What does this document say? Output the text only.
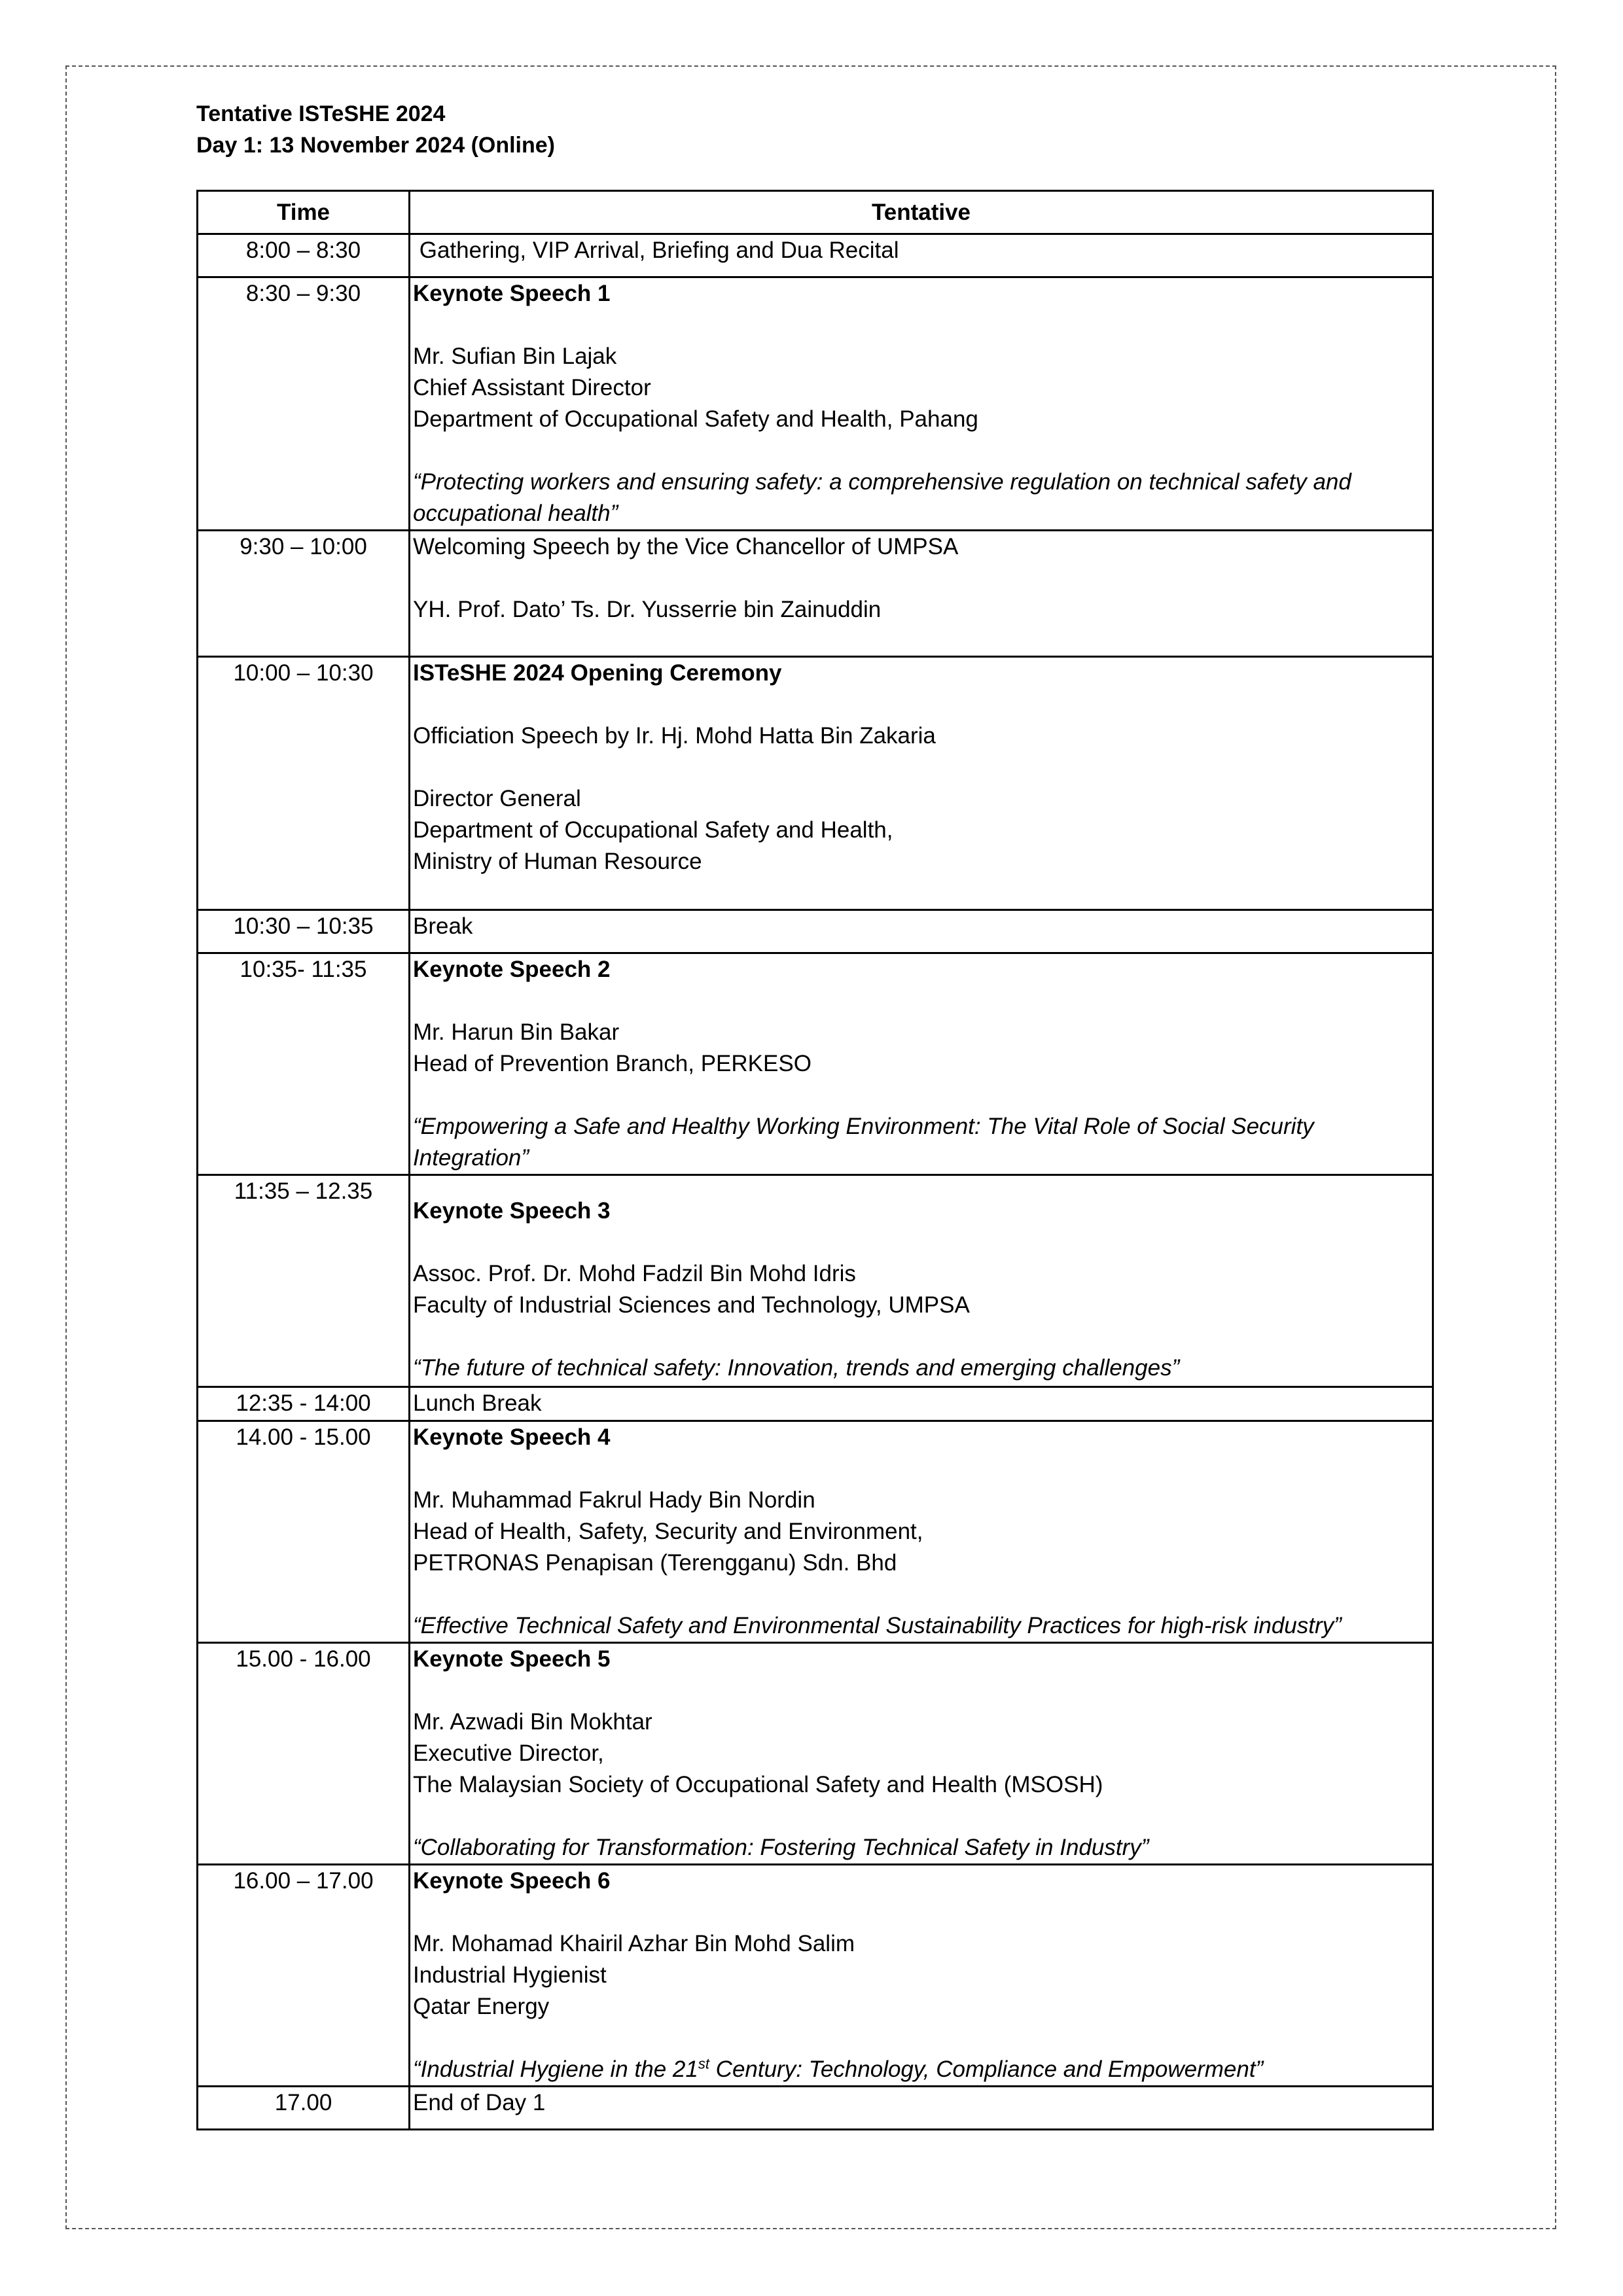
Tentative ISTeSHE 2024
Day 1: 13 November 2024 (Online)
Time	Tentative
8:00 – 8:30	Gathering, VIP Arrival, Briefing and Dua Recital

8:30 – 9:30	Keynote Speech 1
Mr. Sufian Bin Lajak
Chief Assistant Director
Department of Occupational Safety and Health, Pahang
“Protecting workers and ensuring safety: a comprehensive regulation on technical safety and occupational health”

9:30 – 10:00	Welcoming Speech by the Vice Chancellor of UMPSA
YH. Prof. Dato’ Ts. Dr. Yusserrie bin Zainuddin

10:00 – 10:30	ISTeSHE 2024 Opening Ceremony
Officiation Speech by Ir. Hj. Mohd Hatta Bin Zakaria
Director General
Department of Occupational Safety and Health,
Ministry of Human Resource

10:30 – 10:35	Break

10:35- 11:35	Keynote Speech 2
Mr. Harun Bin Bakar
Head of Prevention Branch, PERKESO
“Empowering a Safe and Healthy Working Environment: The Vital Role of Social Security Integration”

11:35 – 12.35	Keynote Speech 3
Assoc. Prof. Dr. Mohd Fadzil Bin Mohd Idris
Faculty of Industrial Sciences and Technology, UMPSA
“The future of technical safety: Innovation, trends and emerging challenges”

12:35 - 14:00	Lunch Break

14.00 - 15.00	Keynote Speech 4
Mr. Muhammad Fakrul Hady Bin Nordin
Head of Health, Safety, Security and Environment,
PETRONAS Penapisan (Terengganu) Sdn. Bhd
“Effective Technical Safety and Environmental Sustainability Practices for high-risk industry”

15.00 - 16.00	Keynote Speech 5
Mr. Azwadi Bin Mokhtar
Executive Director,
The Malaysian Society of Occupational Safety and Health (MSOSH)
“Collaborating for Transformation: Fostering Technical Safety in Industry”

16.00 – 17.00	Keynote Speech 6
Mr. Mohamad Khairil Azhar Bin Mohd Salim
Industrial Hygienist
Qatar Energy
“Industrial Hygiene in the 21st Century: Technology, Compliance and Empowerment”

17.00	End of Day 1
